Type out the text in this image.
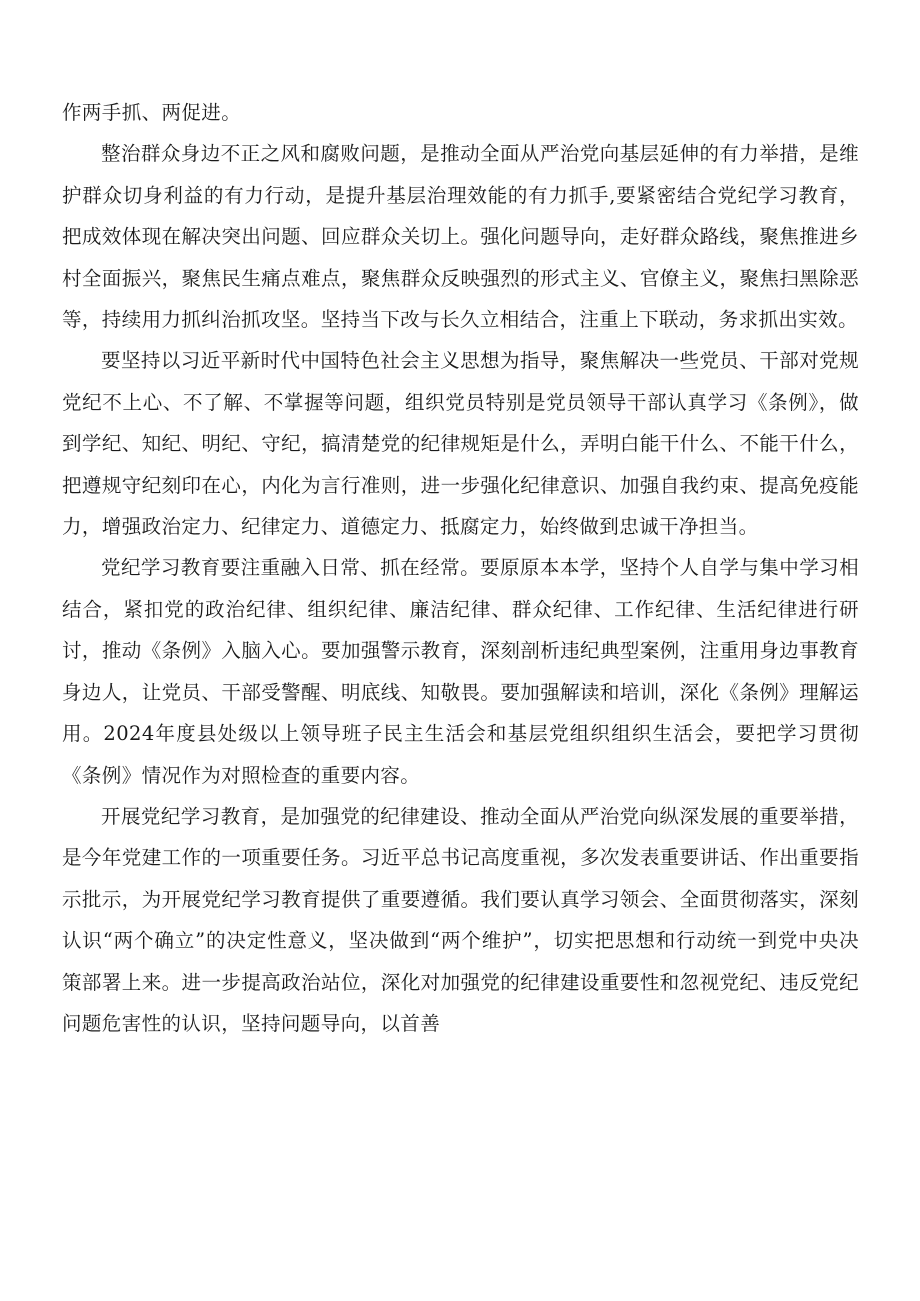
作两手抓、两促进。

整治群众身边不正之风和腐败问题，是推动全面从严治党向基层延伸的有力举措，是维护群众切身利益的有力行动，是提升基层治理效能的有力抓手,要紧密结合党纪学习教育，把成效体现在解决突出问题、回应群众关切上。强化问题导向，走好群众路线，聚焦推进乡村全面振兴，聚焦民生痛点难点，聚焦群众反映强烈的形式主义、官僚主义，聚焦扫黑除恶等，持续用力抓纠治抓攻坚。坚持当下改与长久立相结合，注重上下联动，务求抓出实效。

要坚持以习近平新时代中国特色社会主义思想为指导，聚焦解决一些党员、干部对党规党纪不上心、不了解、不掌握等问题，组织党员特别是党员领导干部认真学习《条例》，做到学纪、知纪、明纪、守纪，搞清楚党的纪律规矩是什么，弄明白能干什么、不能干什么，把遵规守纪刻印在心，内化为言行准则，进一步强化纪律意识、加强自我约束、提高免疫能力，增强政治定力、纪律定力、道德定力、抵腐定力，始终做到忠诚干净担当。

党纪学习教育要注重融入日常、抓在经常。要原原本本学，坚持个人自学与集中学习相结合，紧扣党的政治纪律、组织纪律、廉洁纪律、群众纪律、工作纪律、生活纪律进行研讨，推动《条例》入脑入心。要加强警示教育，深刻剖析违纪典型案例，注重用身边事教育身边人，让党员、干部受警醒、明底线、知敬畏。要加强解读和培训，深化《条例》理解运用。2024年度县处级以上领导班子民主生活会和基层党组织组织生活会，要把学习贯彻《条例》情况作为对照检查的重要内容。

开展党纪学习教育，是加强党的纪律建设、推动全面从严治党向纵深发展的重要举措，是今年党建工作的一项重要任务。习近平总书记高度重视，多次发表重要讲话、作出重要指示批示，为开展党纪学习教育提供了重要遵循。我们要认真学习领会、全面贯彻落实，深刻认识“两个确立”的决定性意义，坚决做到“两个维护”，切实把思想和行动统一到党中央决策部署上来。进一步提高政治站位，深化对加强党的纪律建设重要性和忽视党纪、违反党纪问题危害性的认识，坚持问题导向，以首善
